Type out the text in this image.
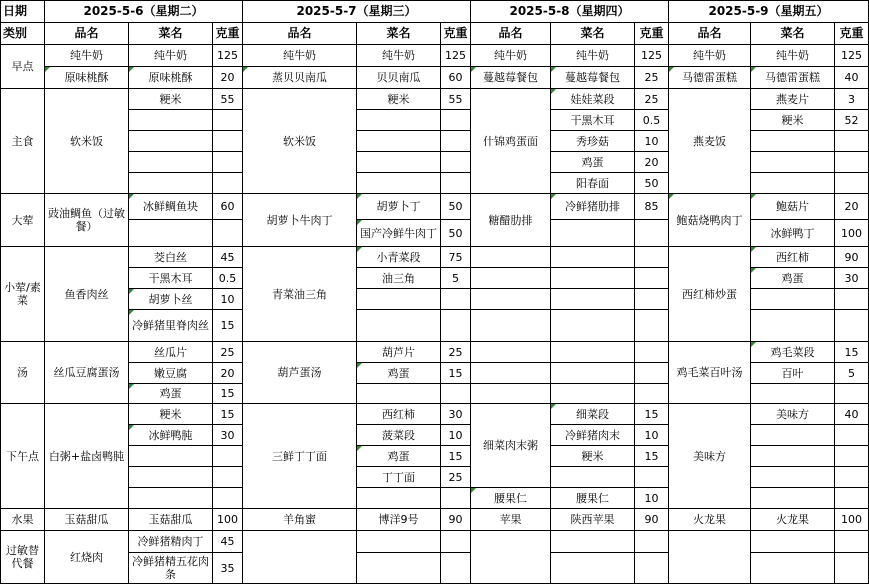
日期	2025-5-6（星期二）			2025-5-7（星期三）			2025-5-8（星期四）			2025-5-9（星期五）		
类别	品名	菜名	克重	品名	菜名	克重	品名	菜名	克重	品名	菜名	克重
早点	纯牛奶	纯牛奶	125	纯牛奶	纯牛奶	125	纯牛奶	纯牛奶	125	纯牛奶	纯牛奶	125
	原味桃酥	原味桃酥	20	蒸贝贝南瓜	贝贝南瓜	60	蔓越莓餐包	蔓越莓餐包	25	马德雷蛋糕	马德雷蛋糕	40
主食	软米饭	粳米	55	软米饭	粳米	55	什锦鸡蛋面	娃娃菜段	25	燕麦饭	燕麦片	3
								干黑木耳	0.5		粳米	52
								秀珍菇	10			
								鸡蛋	20			
								阳春面	50			
大荤	豉油鲷鱼（过敏餐）	冰鲜鲷鱼块	60	胡萝卜牛肉丁	胡萝卜丁	50	糖醋肋排	冷鲜猪肋排	85	鲍菇烧鸭肉丁	鲍菇片	20
					国产冷鲜牛肉丁	50					冰鲜鸭丁	100
小荤/素菜	鱼香肉丝	茭白丝	45	青菜油三角	小青菜段	75				西红柿炒蛋	西红柿	90
		干黑木耳	0.5		油三角	5					鸡蛋	30
		胡萝卜丝	10									
		冷鲜猪里脊肉丝	15									
汤	丝瓜豆腐蛋汤	丝瓜片	25	葫芦蛋汤	葫芦片	25				鸡毛菜百叶汤	鸡毛菜段	15
		嫩豆腐	20		鸡蛋	15					百叶	5
		鸡蛋	15									
下午点	白粥+盐卤鸭肫	粳米	15	三鲜丁丁面	西红柿	30	细菜肉末粥	细菜段	15	美味方	美味方	40
		冰鲜鸭肫	30		菠菜段	10		冷鲜猪肉末	10			
					鸡蛋	15		粳米	15			
					丁丁面	25						
							腰果仁	腰果仁	10			
水果	玉菇甜瓜	玉菇甜瓜	100	羊角蜜	博洋9号	90	苹果	陕西苹果	90	火龙果	火龙果	100
过敏替代餐	红烧肉	冷鲜猪精肉丁	45									
		冷鲜猪精五花肉条	35									
